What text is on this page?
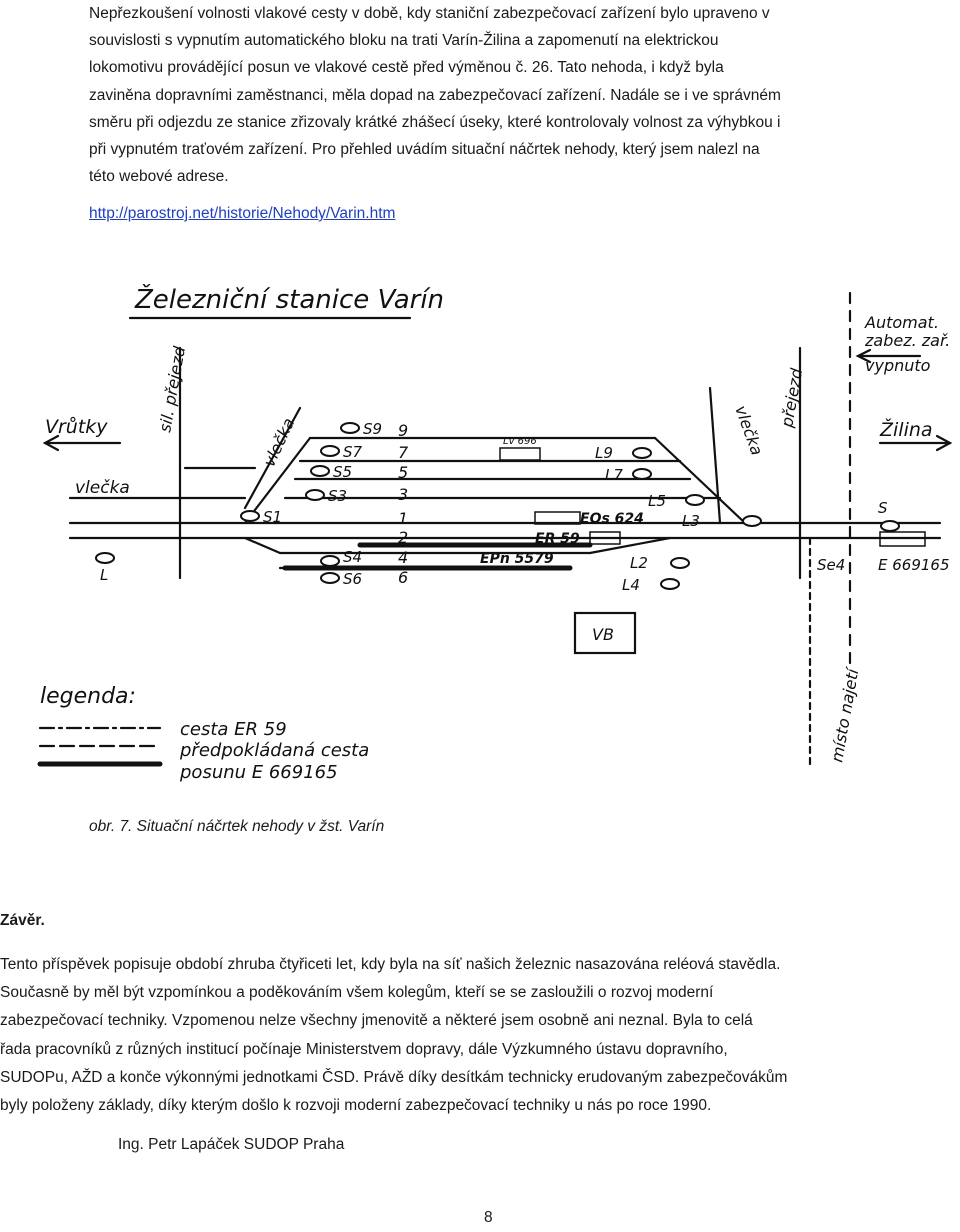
Nepřezkoušení volnosti vlakové cesty v době, kdy staniční zabezpečovací zařízení bylo upraveno v

souvislosti s vypnutím automatického bloku na trati Varín-Žilina a zapomenutí na elektrickou

lokomotivu provádějící posun ve vlakové cestě před výměnou č. 26. Tato nehoda, i když byla

zaviněna dopravními zaměstnanci, měla dopad na zabezpečovací zařízení. Nadále se i ve správném

směru při odjezdu ze stanice zřizovaly krátké zhášecí úseky, které kontrolovaly volnost za výhybkou i

při vypnutém traťovém zařízení. Pro přehled uvádím situační náčrtek nehody, který jsem nalezl na

této webové adrese.

http://parostroj.net/historie/Nehody/Varin.htm
Železniční stanice Varín
Vrůtky	Žilina
vlečka
sil. přejezd
vlečka	vlečka
přejezd
Automat.
zabez. zař.
vypnuto
9
7
5
3
1
2
4
6
S9
S7
S5
S3
S1
S4
S6
L9
L7
L5
L3
L2
L4
L
S
Se4
Lv 696
ER 59
EOs 624
EPn 5579	E 669165
VB
místo najetí
legenda:
cesta ER 59
předpokládaná cesta
posunu E 669165
obr. 7. Situační náčrtek nehody v žst. Varín
Závěr.

Tento příspěvek popisuje období zhruba čtyřiceti let, kdy byla na síť našich železnic nasazována reléová stavědla.

Současně by měl být vzpomínkou a poděkováním všem kolegům, kteří se se zasloužili o rozvoj moderní

zabezpečovací techniky. Vzpomenou nelze všechny jmenovitě a některé jsem osobně ani neznal. Byla to celá

řada pracovníků z různých institucí počínaje Ministerstvem dopravy, dále Výzkumného ústavu dopravního,

SUDOPu, AŽD a konče výkonnými jednotkami ČSD. Právě díky desítkám technicky erudovaným zabezpečovákům

byly položeny základy, díky kterým došlo k rozvoji moderní zabezpečovací techniky u nás po roce 1990.

Ing. Petr Lapáček SUDOP Praha
8
